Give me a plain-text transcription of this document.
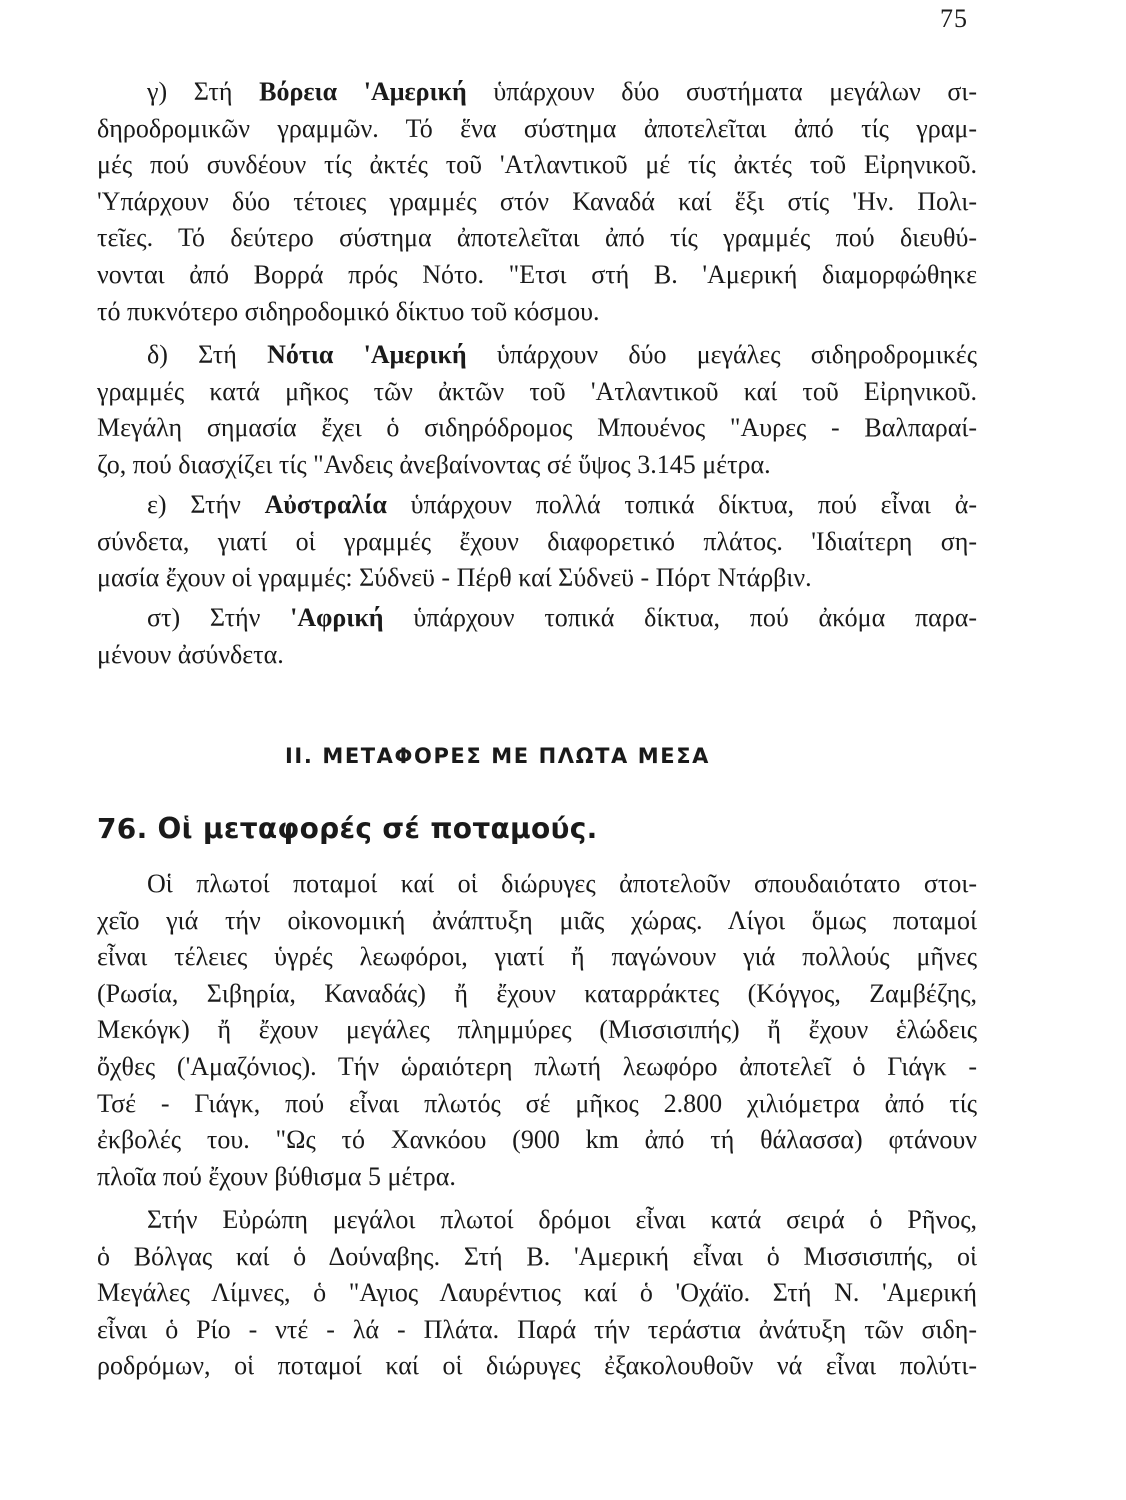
75
γ) Στή Βόρεια 'Αμερική ὑπάρχουν δύο συστήματα μεγάλων σι-
δηροδρομικῶν γραμμῶν. Τό ἕνα σύστημα ἀποτελεῖται ἀπό τίς γραμ-
μές πού συνδέουν τίς ἀκτές τοῦ 'Ατλαντικοῦ μέ τίς ἀκτές τοῦ Εἰρηνικοῦ.
'Υπάρχουν δύο τέτοιες γραμμές στόν Καναδά καί ἕξι στίς 'Ην. Πολι-
τεῖες. Τό δεύτερο σύστημα ἀποτελεῖται ἀπό τίς γραμμές πού διευθύ-
νονται ἀπό Βορρά πρός Νότο. "Ετσι στή Β. 'Αμερική διαμορφώθηκε
τό πυκνότερο σιδηροδομικό δίκτυο τοῦ κόσμου.
δ) Στή Νότια 'Αμερική ὑπάρχουν δύο μεγάλες σιδηροδρομικές
γραμμές κατά μῆκος τῶν ἀκτῶν τοῦ 'Ατλαντικοῦ καί τοῦ Εἰρηνικοῦ.
Μεγάλη σημασία ἔχει ὁ σιδηρόδρομος Μπουένος "Αυρες - Βαλπαραί-
ζο, πού διασχίζει τίς "Ανδεις ἀνεβαίνοντας σέ ὕψος 3.145 μέτρα.
ε) Στήν Αὐστραλία ὑπάρχουν πολλά τοπικά δίκτυα, πού εἶναι ἀ-
σύνδετα, γιατί οἱ γραμμές ἔχουν διαφορετικό πλάτος. 'Ιδιαίτερη ση-
μασία ἔχουν οἱ γραμμές: Σύδνεϋ - Πέρθ καί Σύδνεϋ - Πόρτ Ντάρβιν.
στ) Στήν 'Αφρική ὑπάρχουν τοπικά δίκτυα, πού ἀκόμα παρα-
μένουν ἀσύνδετα.
II. ΜΕΤΑΦΟΡΕΣ ΜΕ ΠΛΩΤΑ ΜΕΣΑ
76. Οἱ μεταφορές σέ ποταμούς.
Οἱ πλωτοί ποταμοί καί οἱ διώρυγες ἀποτελοῦν σπουδαιότατο στοι-
χεῖο γιά τήν οἰκονομική ἀνάπτυξη μιᾶς χώρας. Λίγοι ὅμως ποταμοί
εἶναι τέλειες ὑγρές λεωφόροι, γιατί ἤ παγώνουν γιά πολλούς μῆνες
(Ρωσία, Σιβηρία, Καναδάς) ἤ ἔχουν καταρράκτες (Κόγγος, Ζαμβέζης,
Μεκόγκ) ἤ ἔχουν μεγάλες πλημμύρες (Μισσισιπής) ἤ ἔχουν ἑλώδεις
ὄχθες ('Αμαζόνιος). Τήν ὡραιότερη πλωτή λεωφόρο ἀποτελεῖ ὁ Γιάγκ -
Τσέ - Γιάγκ, πού εἶναι πλωτός σέ μῆκος 2.800 χιλιόμετρα ἀπό τίς
ἐκβολές του. "Ως τό Χανκόου (900 km ἀπό τή θάλασσα) φτάνουν
πλοῖα πού ἔχουν βύθισμα 5 μέτρα.
Στήν Εὐρώπη μεγάλοι πλωτοί δρόμοι εἶναι κατά σειρά ὁ Ρῆνος,
ὁ Βόλγας καί ὁ Δούναβης. Στή Β. 'Αμερική εἶναι ὁ Μισσισιπής, οἱ
Μεγάλες Λίμνες, ὁ "Αγιος Λαυρέντιος καί ὁ 'Οχάϊο. Στή Ν. 'Αμερική
εἶναι ὁ Ρίο - ντέ - λά - Πλάτα. Παρά τήν τεράστια ἀνάτυξη τῶν σιδη-
ροδρόμων, οἱ ποταμοί καί οἱ διώρυγες ἐξακολουθοῦν νά εἶναι πολύτι-
